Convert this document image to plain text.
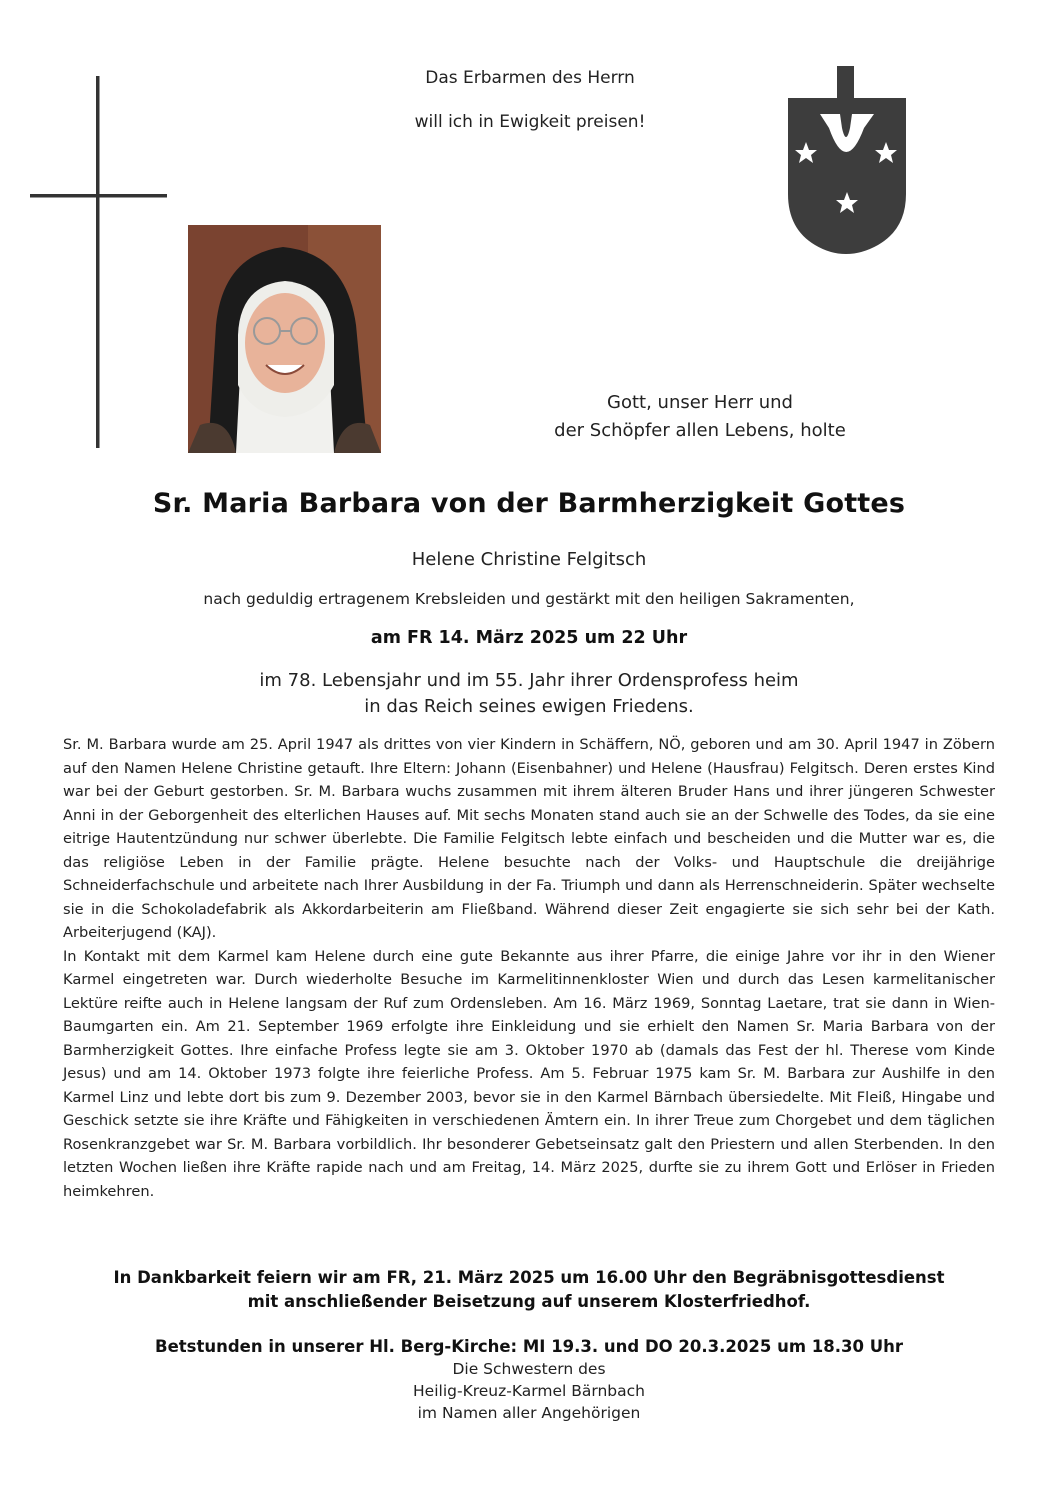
Das Erbarmen des Herrn
will ich in Ewigkeit preisen!
Gott, unser Herr und
der Schöpfer allen Lebens, holte
Sr. Maria Barbara von der Barmherzigkeit Gottes
Helene Christine Felgitsch
nach geduldig ertragenem Krebsleiden und gestärkt mit den heiligen Sakramenten,
am FR 14. März 2025 um 22 Uhr
im 78. Lebensjahr und im 55. Jahr ihrer Ordensprofess heim
in das Reich seines ewigen Friedens.

Sr. M. Barbara wurde am 25. April 1947 als drittes von vier Kindern in Schäffern, NÖ, geboren und am 30. April 1947 in Zöbern auf den Namen Helene Christine getauft. Ihre Eltern: Johann (Eisenbahner) und Helene (Hausfrau) Felgitsch. Deren erstes Kind war bei der Geburt gestorben. Sr. M. Barbara wuchs zusammen mit ihrem älteren Bruder Hans und ihrer jüngeren Schwester Anni in der Geborgenheit des elterlichen Hauses auf. Mit sechs Monaten stand auch sie an der Schwelle des Todes, da sie eine eitrige Hautentzündung nur schwer überlebte. Die Familie Felgitsch lebte einfach und bescheiden und die Mutter war es, die das religiöse Leben in der Familie prägte. Helene besuchte nach der Volks- und Hauptschule die dreijährige Schneiderfachschule und arbeitete nach Ihrer Ausbildung in der Fa. Triumph und dann als Herrenschneiderin. Später wechselte sie in die Schokoladefabrik als Akkordarbeiterin am Fließband. Während dieser Zeit engagierte sie sich sehr bei der Kath. Arbeiterjugend (KAJ).

In Kontakt mit dem Karmel kam Helene durch eine gute Bekannte aus ihrer Pfarre, die einige Jahre vor ihr in den Wiener Karmel eingetreten war. Durch wiederholte Besuche im Karmelitinnenkloster Wien und durch das Lesen karmelitanischer Lektüre reifte auch in Helene langsam der Ruf zum Ordensleben. Am 16. März 1969, Sonntag Laetare, trat sie dann in Wien-Baumgarten ein. Am 21. September 1969 erfolgte ihre Einkleidung und sie erhielt den Namen Sr. Maria Barbara von der Barmherzigkeit Gottes. Ihre einfache Profess legte sie am 3. Oktober 1970 ab (damals das Fest der hl. Therese vom Kinde Jesus) und am 14. Oktober 1973 folgte ihre feierliche Profess. Am 5. Februar 1975 kam Sr. M. Barbara zur Aushilfe in den Karmel Linz und lebte dort bis zum 9. Dezember 2003, bevor sie in den Karmel Bärnbach übersiedelte. Mit Fleiß, Hingabe und Geschick setzte sie ihre Kräfte und Fähigkeiten in verschiedenen Ämtern ein. In ihrer Treue zum Chorgebet und dem täglichen Rosenkranzgebet war Sr. M. Barbara vorbildlich. Ihr besonderer Gebetseinsatz galt den Priestern und allen Sterbenden. In den letzten Wochen ließen ihre Kräfte rapide nach und am Freitag, 14. März 2025, durfte sie zu ihrem Gott und Erlöser in Frieden heimkehren.

In Dankbarkeit feiern wir am FR, 21. März 2025 um 16.00 Uhr den Begräbnisgottesdienst
mit anschließender Beisetzung auf unserem Klosterfriedhof.
Betstunden in unserer Hl. Berg-Kirche: MI 19.3. und DO 20.3.2025 um 18.30 Uhr
Die Schwestern des
Heilig-Kreuz-Karmel Bärnbach
im Namen aller Angehörigen
